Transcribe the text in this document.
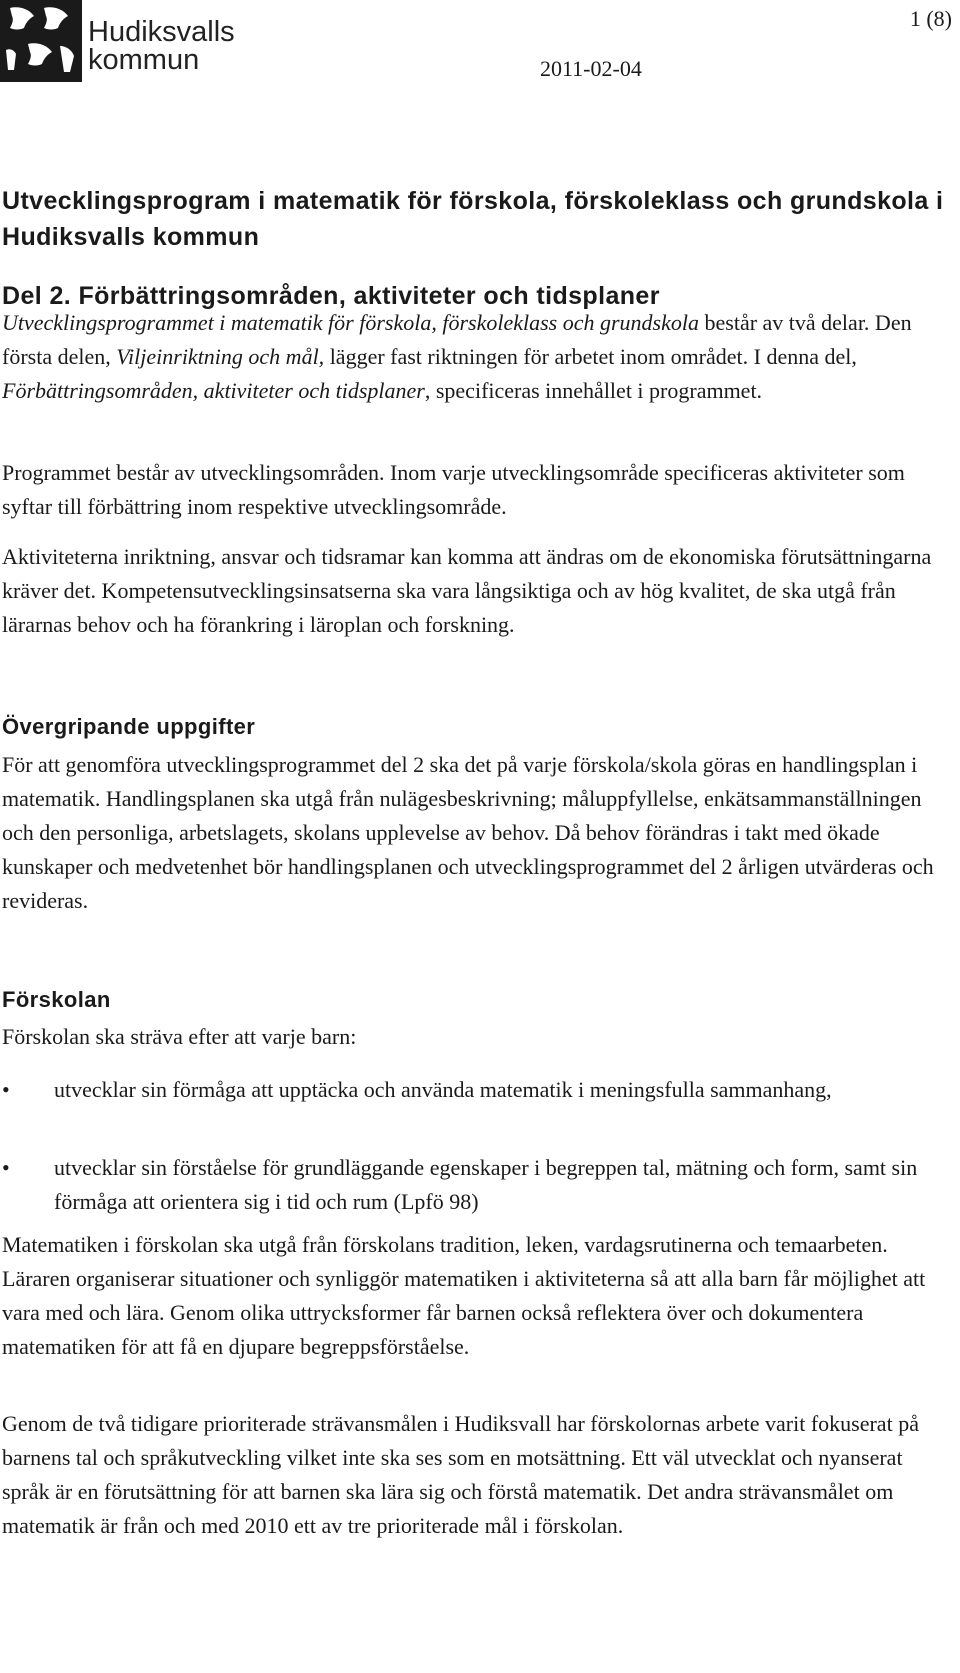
Hudiksvalls
kommun
1 (8)
2011-02-04
Utvecklingsprogram i matematik för förskola, förskoleklass och grundskola i Hudiksvalls kommun
Del 2. Förbättringsområden, aktiviteter och tidsplaner

Utvecklingsprogrammet i matematik för förskola, förskoleklass och grundskola består av två delar. Den första delen, Viljeinriktning och mål, lägger fast riktningen för arbetet inom området. I denna del, Förbättringsområden, aktiviteter och tidsplaner, specificeras innehållet i programmet.

Programmet består av utvecklingsområden. Inom varje utvecklingsområde specificeras aktiviteter som syftar till förbättring inom respektive utvecklingsområde.

Aktiviteterna inriktning, ansvar och tidsramar kan komma att ändras om de ekonomiska förutsättningarna kräver det. Kompetensutvecklingsinsatserna ska vara långsiktiga och av hög kvalitet, de ska utgå från lärarnas behov och ha förankring i läroplan och forskning.

Övergripande uppgifter

För att genomföra utvecklingsprogrammet del 2 ska det på varje förskola/skola göras en handlingsplan i matematik. Handlingsplanen ska utgå från nulägesbeskrivning; måluppfyllelse, enkätsammanställningen och den personliga, arbetslagets, skolans upplevelse av behov. Då behov förändras i takt med ökade kunskaper och medvetenhet bör handlingsplanen och utvecklingsprogrammet del 2 årligen utvärderas och revideras.

Förskolan

Förskolan ska sträva efter att varje barn:

•	utvecklar sin förmåga att upptäcka och använda matematik i meningsfulla sammanhang,
•	utvecklar sin förståelse för grundläggande egenskaper i begreppen tal, mätning och form, samt sin förmåga att orientera sig i tid och rum (Lpfö 98)

Matematiken i förskolan ska utgå från förskolans tradition, leken, vardagsrutinerna och temaarbeten. Läraren organiserar situationer och synliggör matematiken i aktiviteterna så att alla barn får möjlighet att vara med och lära. Genom olika uttrycksformer får barnen också reflektera över och dokumentera matematiken för att få en djupare begreppsförståelse.

Genom de två tidigare prioriterade strävansmålen i Hudiksvall har förskolornas arbete varit fokuserat på barnens tal och språkutveckling vilket inte ska ses som en motsättning. Ett väl utvecklat och nyanserat språk är en förutsättning för att barnen ska lära sig och förstå matematik. Det andra strävansmålet om matematik är från och med 2010 ett av tre prioriterade mål i förskolan.
